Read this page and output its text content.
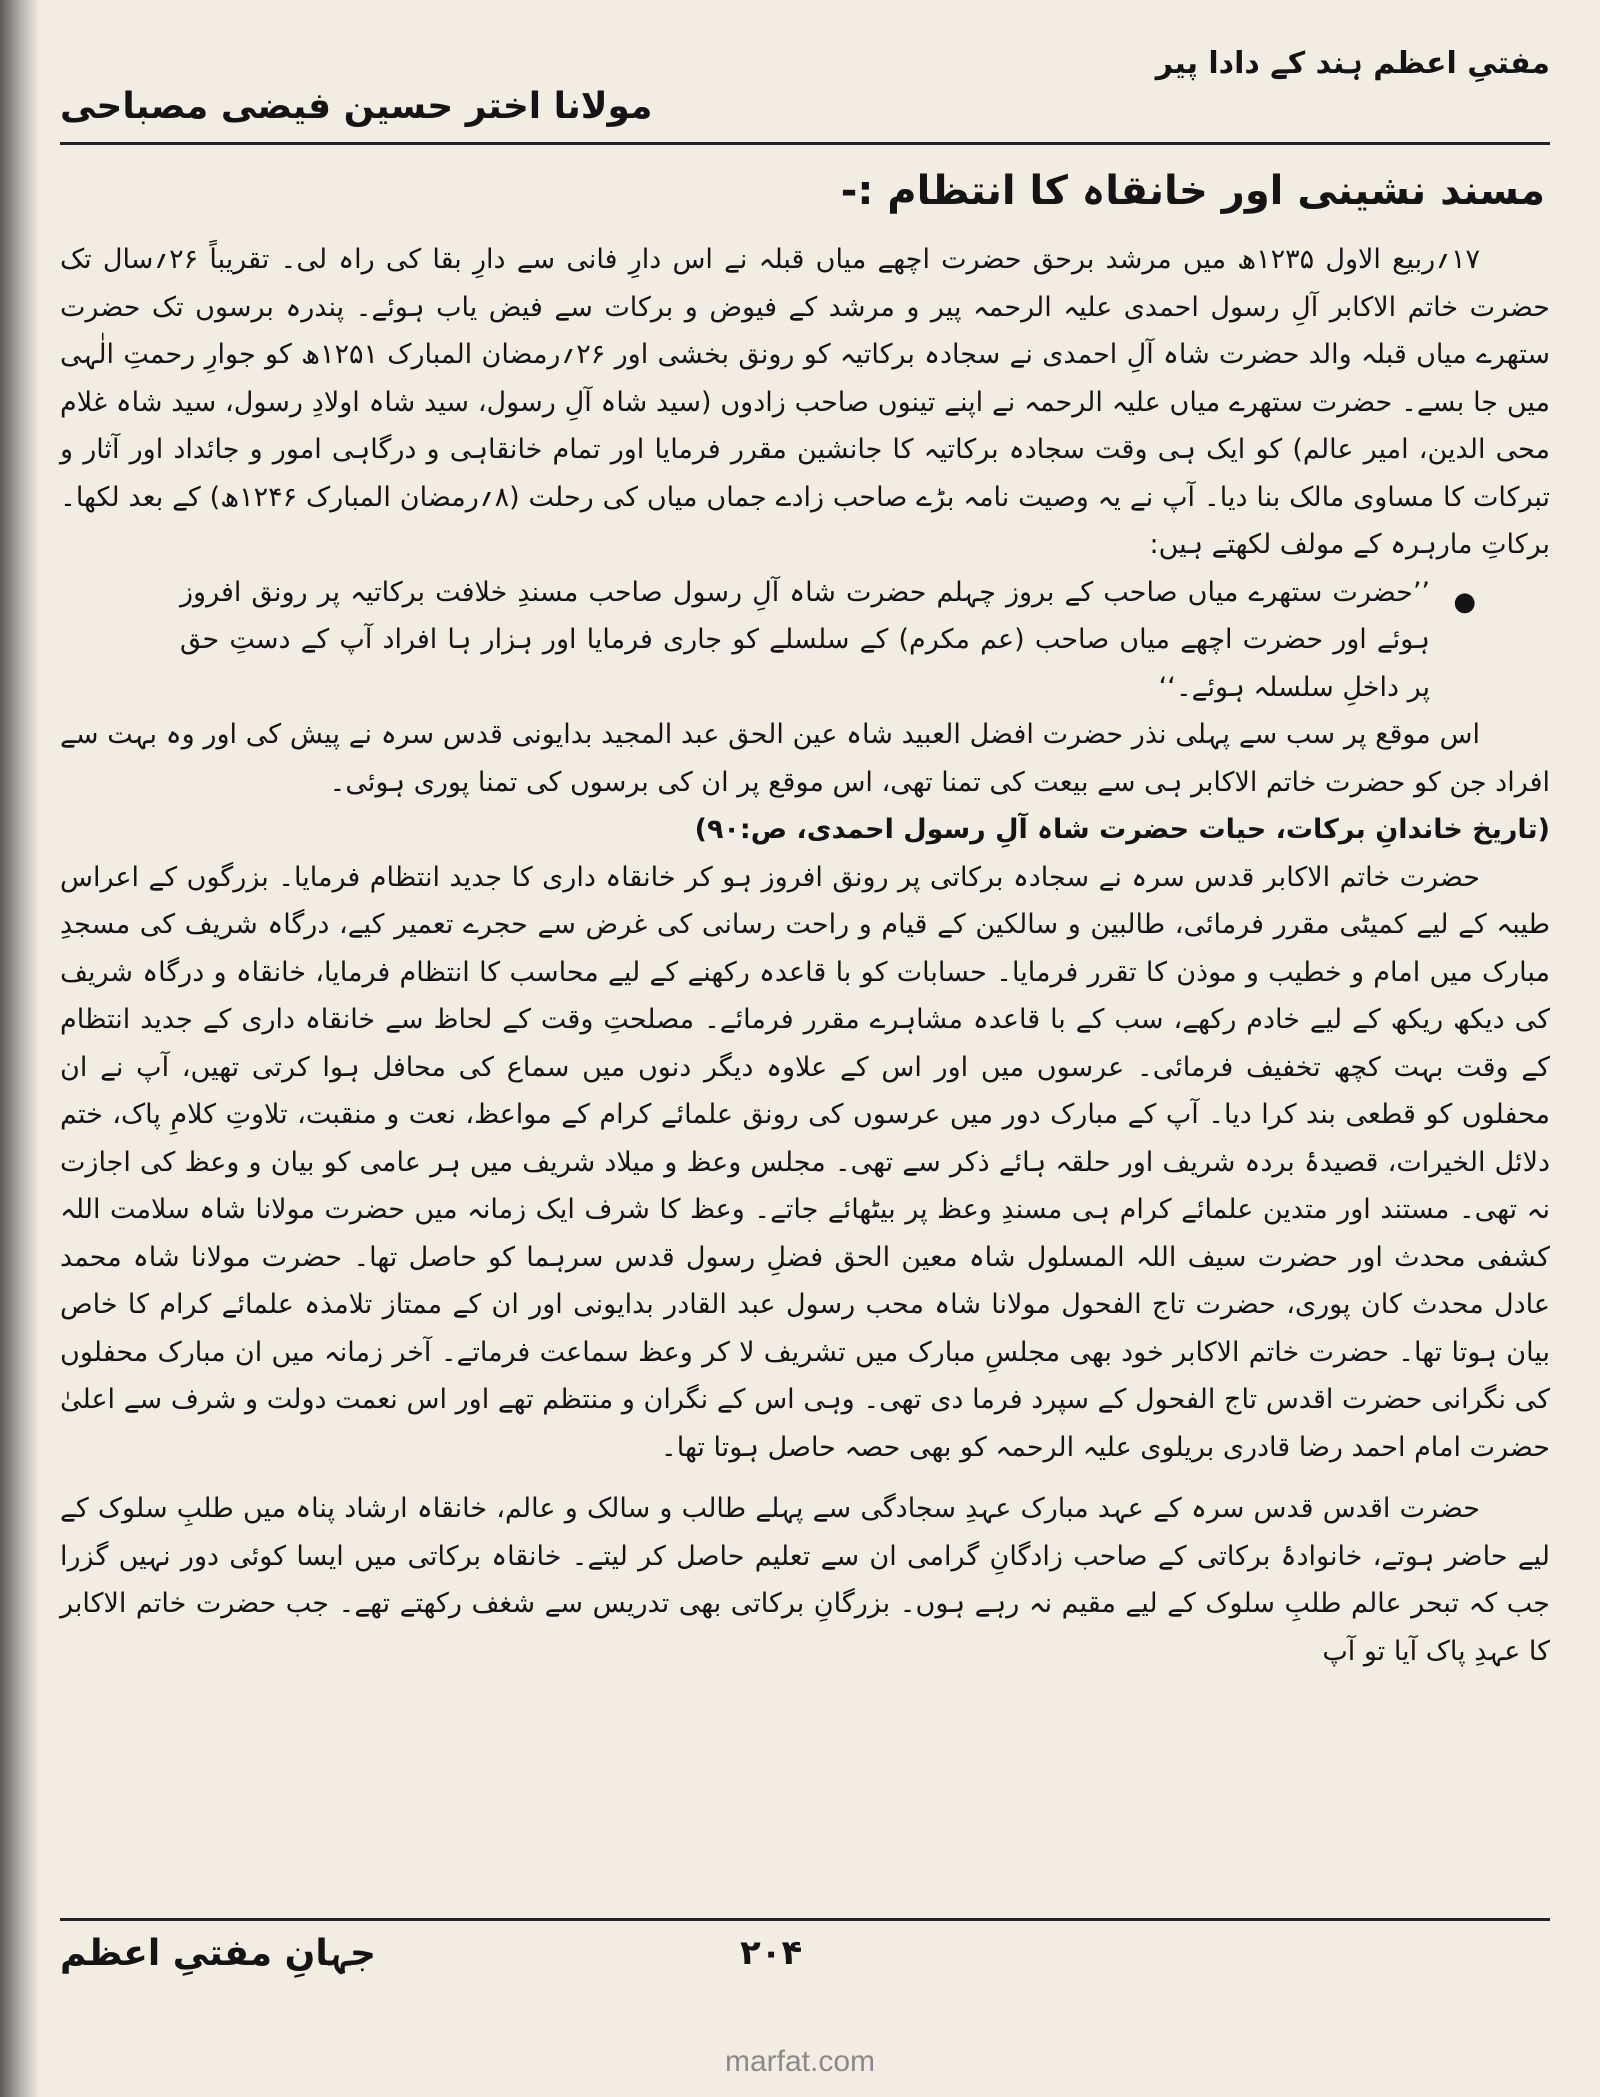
مفتیِ اعظم ہند کے دادا پیر
مولانا اختر حسین فیضی مصباحی
مسند نشینی اور خانقاہ کا انتظام :-

۱۷؍ربیع الاول ۱۲۳۵ھ میں مرشد برحق حضرت اچھے میاں قبلہ نے اس دارِ فانی سے دارِ بقا کی راہ لی۔ تقریباً ۲۶؍سال تک حضرت خاتم الاکابر آلِ رسول احمدی علیہ الرحمہ پیر و مرشد کے فیوض و برکات سے فیض یاب ہوئے۔ پندرہ برسوں تک حضرت ستھرے میاں قبلہ والد حضرت شاہ آلِ احمدی نے سجادہ برکاتیہ کو رونق بخشی اور ۲۶؍رمضان المبارک ۱۲۵۱ھ کو جوارِ رحمتِ الٰہی میں جا بسے۔ حضرت ستھرے میاں علیہ الرحمہ نے اپنے تینوں صاحب زادوں (سید شاہ آلِ رسول، سید شاہ اولادِ رسول، سید شاہ غلام محی الدین، امیر عالم) کو ایک ہی وقت سجادہ برکاتیہ کا جانشین مقرر فرمایا اور تمام خانقاہی و درگاہی امور و جائداد اور آثار و تبرکات کا مساوی مالک بنا دیا۔ آپ نے یہ وصیت نامہ بڑے صاحب زادے جماں میاں کی رحلت (۸؍رمضان المبارک ۱۲۴۶ھ) کے بعد لکھا۔ برکاتِ مارہرہ کے مولف لکھتے ہیں:

●

’’حضرت ستھرے میاں صاحب کے بروز چہلم حضرت شاہ آلِ رسول صاحب مسندِ خلافت برکاتیہ پر رونق افروز ہوئے اور حضرت اچھے میاں صاحب (عم مکرم) کے سلسلے کو جاری فرمایا اور ہزار ہا افراد آپ کے دستِ حق پر داخلِ سلسلہ ہوئے۔‘‘

اس موقع پر سب سے پہلی نذر حضرت افضل العبید شاہ عین الحق عبد المجید بدایونی قدس سرہ نے پیش کی اور وہ بہت سے افراد جن کو حضرت خاتم الاکابر ہی سے بیعت کی تمنا تھی، اس موقع پر ان کی برسوں کی تمنا پوری ہوئی۔

(تاریخ خاندانِ برکات، حیات حضرت شاہ آلِ رسول احمدی، ص:۹۰)

حضرت خاتم الاکابر قدس سرہ نے سجادہ برکاتی پر رونق افروز ہو کر خانقاہ داری کا جدید انتظام فرمایا۔ بزرگوں کے اعراس طیبہ کے لیے کمیٹی مقرر فرمائی، طالبین و سالکین کے قیام و راحت رسانی کی غرض سے حجرے تعمیر کیے، درگاہ شریف کی مسجدِ مبارک میں امام و خطیب و موذن کا تقرر فرمایا۔ حسابات کو با قاعدہ رکھنے کے لیے محاسب کا انتظام فرمایا، خانقاہ و درگاہ شریف کی دیکھ ریکھ کے لیے خادم رکھے، سب کے با قاعدہ مشاہرے مقرر فرمائے۔ مصلحتِ وقت کے لحاظ سے خانقاہ داری کے جدید انتظام کے وقت بہت کچھ تخفیف فرمائی۔ عرسوں میں اور اس کے علاوہ دیگر دنوں میں سماع کی محافل ہوا کرتی تھیں، آپ نے ان محفلوں کو قطعی بند کرا دیا۔ آپ کے مبارک دور میں عرسوں کی رونق علمائے کرام کے مواعظ، نعت و منقبت، تلاوتِ کلامِ پاک، ختم دلائل الخیرات، قصیدۂ بردہ شریف اور حلقہ ہائے ذکر سے تھی۔ مجلس وعظ و میلاد شریف میں ہر عامی کو بیان و وعظ کی اجازت نہ تھی۔ مستند اور متدین علمائے کرام ہی مسندِ وعظ پر بیٹھائے جاتے۔ وعظ کا شرف ایک زمانہ میں حضرت مولانا شاہ سلامت اللہ کشفی محدث اور حضرت سیف اللہ المسلول شاہ معین الحق فضلِ رسول قدس سرہما کو حاصل تھا۔ حضرت مولانا شاہ محمد عادل محدث کان پوری، حضرت تاج الفحول مولانا شاہ محب رسول عبد القادر بدایونی اور ان کے ممتاز تلامذہ علمائے کرام کا خاص بیان ہوتا تھا۔ حضرت خاتم الاکابر خود بھی مجلسِ مبارک میں تشریف لا کر وعظ سماعت فرماتے۔ آخر زمانہ میں ان مبارک محفلوں کی نگرانی حضرت اقدس تاج الفحول کے سپرد فرما دی تھی۔ وہی اس کے نگران و منتظم تھے اور اس نعمت دولت و شرف سے اعلیٰ حضرت امام احمد رضا قادری بریلوی علیہ الرحمہ کو بھی حصہ حاصل ہوتا تھا۔

حضرت اقدس قدس سرہ کے عہد مبارک عہدِ سجادگی سے پہلے طالب و سالک و عالم، خانقاہ ارشاد پناہ میں طلبِ سلوک کے لیے حاضر ہوتے، خانوادۂ برکاتی کے صاحب زادگانِ گرامی ان سے تعلیم حاصل کر لیتے۔ خانقاہ برکاتی میں ایسا کوئی دور نہیں گزرا جب کہ تبحر عالم طلبِ سلوک کے لیے مقیم نہ رہے ہوں۔ بزرگانِ برکاتی بھی تدریس سے شغف رکھتے تھے۔ جب حضرت خاتم الاکابر کا عہدِ پاک آیا تو آپ

جہانِ مفتیِ اعظم	۲۰۴
marfat.com
